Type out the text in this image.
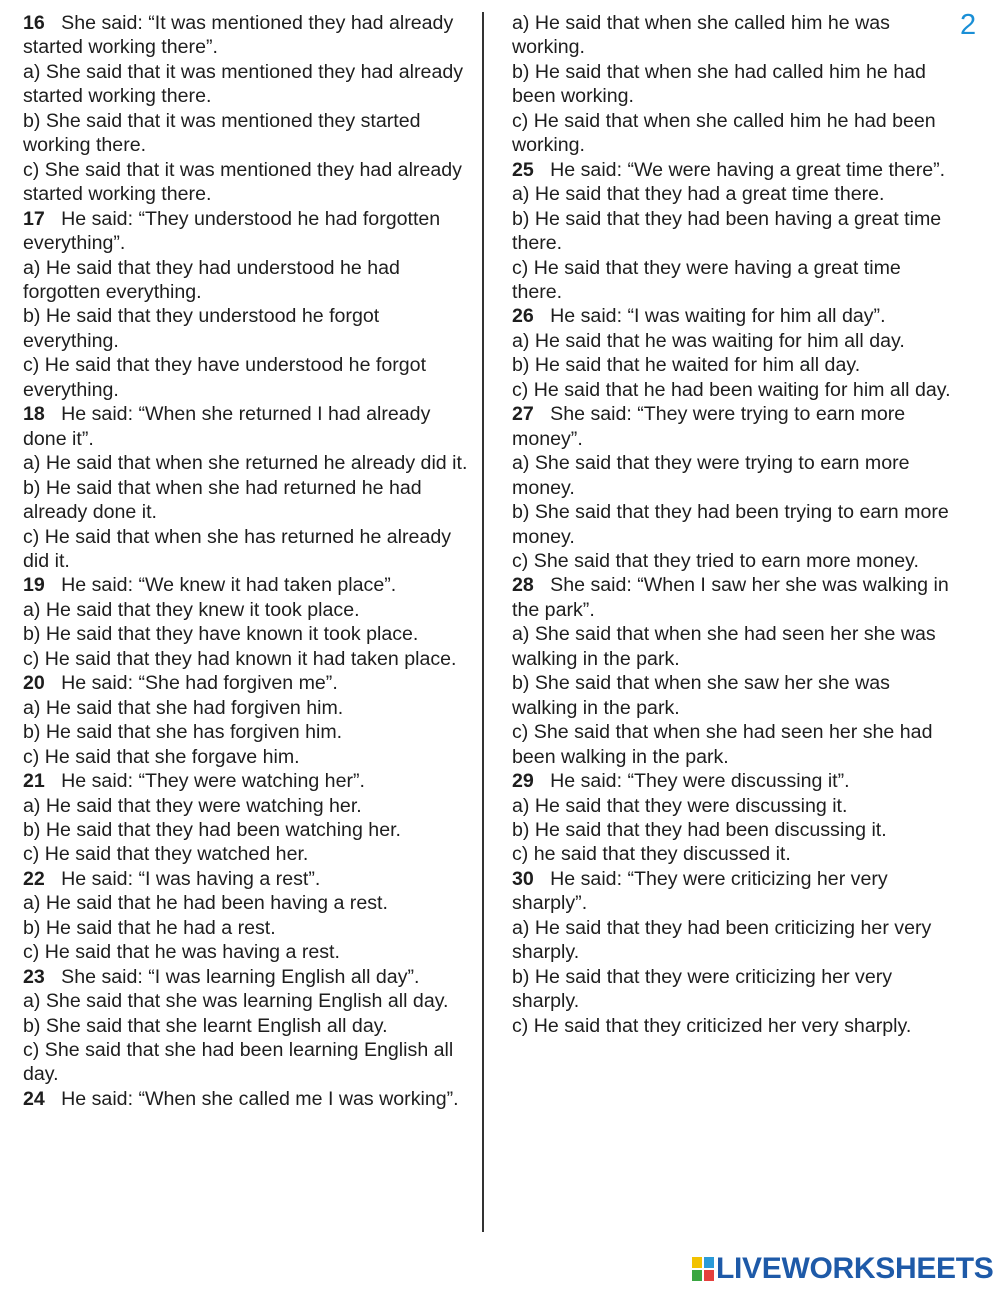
2
16 She said: “It was mentioned they had already started working there”.
a) She said that it was mentioned they had already started working there.
b) She said that it was mentioned they started working there.
c) She said that it was mentioned they had already started working there.
17 He said: “They understood he had forgotten everything”.
a) He said that they had understood he had forgotten everything.
b) He said that they understood he forgot everything.
c) He said that they have understood he forgot everything.
18 He said: “When she returned I had already done it”.
a) He said that when she returned he already did it.
b) He said that when she had returned he had already done it.
c) He said that when she has returned he already did it.
19 He said: “We knew it had taken place”.
a) He said that they knew it took place.
b) He said that they have known it took place.
c) He said that they had known it had taken place.
20 He said: “She had forgiven me”.
a) He said that she had forgiven him.
b) He said that she has forgiven him.
c) He said that she forgave him.
21 He said: “They were watching her”.
a) He said that they were watching her.
b) He said that they had been watching her.
c) He said that they watched her.
22 He said: “I was having a rest”.
a) He said that he had been having a rest.
b) He said that he had a rest.
c) He said that he was having a rest.
23 She said: “I was learning English all day”.
a) She said that she was learning English all day.
b) She said that she learnt English all day.
c) She said that she had been learning English all day.
24 He said: “When she called me I was working”.
a) He said that when she called him he was working.
b) He said that when she had called him he had been working.
c) He said that when she called him he had been working.
25 He said: “We were having a great time there”.
a) He said that they had a great time there.
b) He said that they had been having a great time there.
c) He said that they were having a great time there.
26 He said: “I was waiting for him all day”.
a) He said that he was waiting for him all day.
b) He said that he waited for him all day.
c) He said that he had been waiting for him all day.
27 She said: “They were trying to earn more money”.
a) She said that they were trying to earn more money.
b) She said that they had been trying to earn more money.
c) She said that they tried to earn more money.
28 She said: “When I saw her she was walking in the park”.
a) She said that when she had seen her she was walking in the park.
b) She said that when she saw her she was walking in the park.
c) She said that when she had seen her she had been walking in the park.
29 He said: “They were discussing it”.
a) He said that they were discussing it.
b) He said that they had been discussing it.
c) he said that they discussed it.
30 He said: “They were criticizing her very sharply”.
a) He said that they had been criticizing her very sharply.
b) He said that they were criticizing her very sharply.
c) He said that they criticized her very sharply.
LIVEWORKSHEETS
